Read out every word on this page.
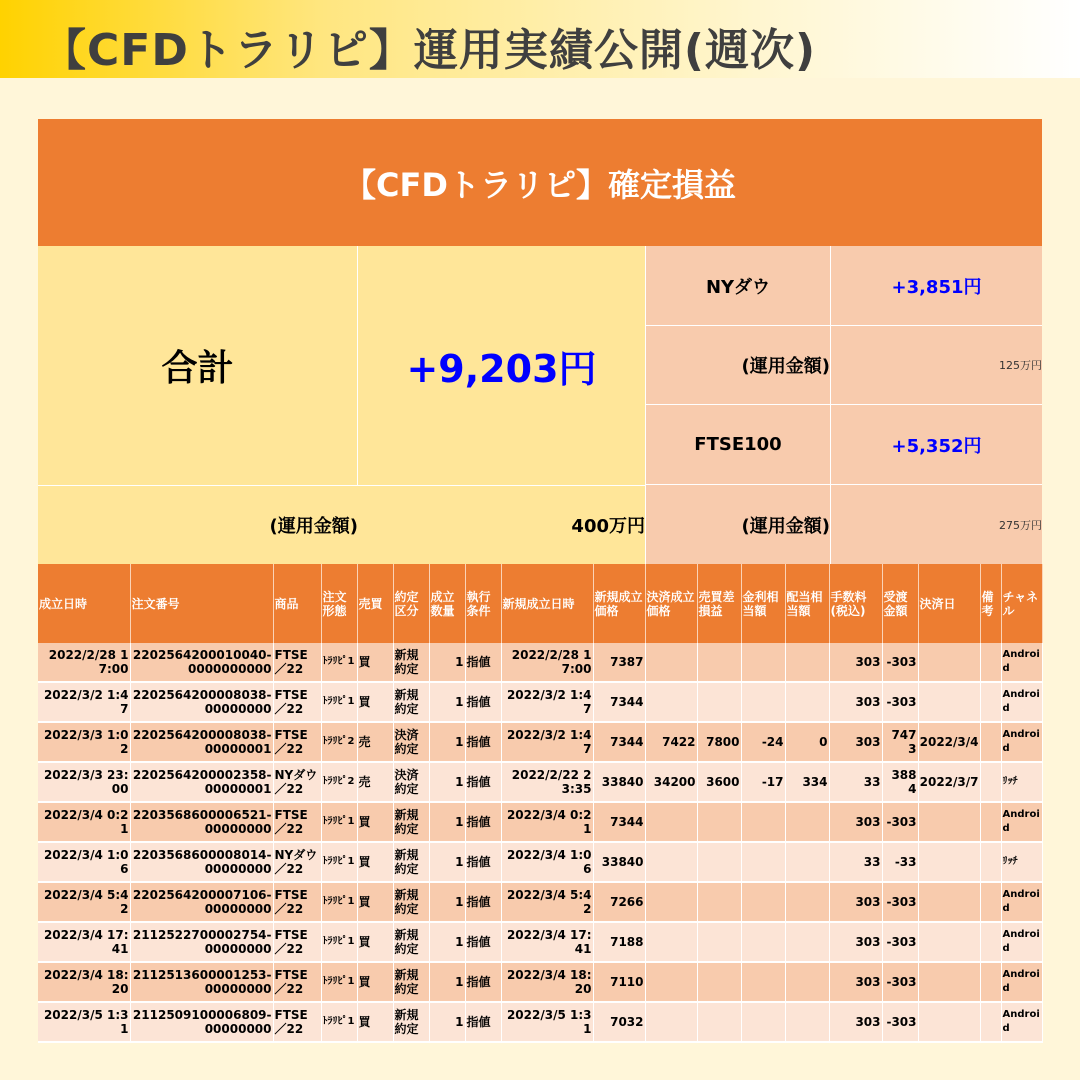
【CFDトラリピ】運用実績公開(週次)
【CFDトラリピ】確定損益
合計	+9,203円
(運用金額)	400万円
NYダウ	+3,851円
(運用金額)	125万円
FTSE100	+5,352円
(運用金額)	275万円
成立日時	注文番号	商品	注文形態	売買	約定区分	成立数量	執行条件	新規成立日時	新規成立価格	決済成立価格	売買差損益	金利相当額	配当相当額	手数料(税込)	受渡金額	決済日	備考	チャネル
2022/2/28 17:00	2202564200010040-0000000000	FTSE／22	ﾄﾗﾘﾋﾟ1	買	新規約定	1	指値	2022/2/28 17:00	7387					303	-303			Android
2022/3/2 1:47	2202564200008038-00000000	FTSE／22	ﾄﾗﾘﾋﾟ1	買	新規約定	1	指値	2022/3/2 1:47	7344					303	-303			Android
2022/3/3 1:02	2202564200008038-00000001	FTSE／22	ﾄﾗﾘﾋﾟ2	売	決済約定	1	指値	2022/3/2 1:47	7344	7422	7800	-24	0	303	7473	2022/3/4		Android
2022/3/3 23:00	2202564200002358-00000001	NYダウ／22	ﾄﾗﾘﾋﾟ2	売	決済約定	1	指値	2022/2/22 23:35	33840	34200	3600	-17	334	33	3884	2022/3/7		ﾘｯﾁ
2022/3/4 0:21	2203568600006521-00000000	FTSE／22	ﾄﾗﾘﾋﾟ1	買	新規約定	1	指値	2022/3/4 0:21	7344					303	-303			Android
2022/3/4 1:06	2203568600008014-00000000	NYダウ／22	ﾄﾗﾘﾋﾟ1	買	新規約定	1	指値	2022/3/4 1:06	33840					33	-33			ﾘｯﾁ
2022/3/4 5:42	2202564200007106-00000000	FTSE／22	ﾄﾗﾘﾋﾟ1	買	新規約定	1	指値	2022/3/4 5:42	7266					303	-303			Android
2022/3/4 17:41	2112522700002754-00000000	FTSE／22	ﾄﾗﾘﾋﾟ1	買	新規約定	1	指値	2022/3/4 17:41	7188					303	-303			Android
2022/3/4 18:20	2112513600001253-00000000	FTSE／22	ﾄﾗﾘﾋﾟ1	買	新規約定	1	指値	2022/3/4 18:20	7110					303	-303			Android
2022/3/5 1:31	2112509100006809-00000000	FTSE／22	ﾄﾗﾘﾋﾟ1	買	新規約定	1	指値	2022/3/5 1:31	7032					303	-303			Android
